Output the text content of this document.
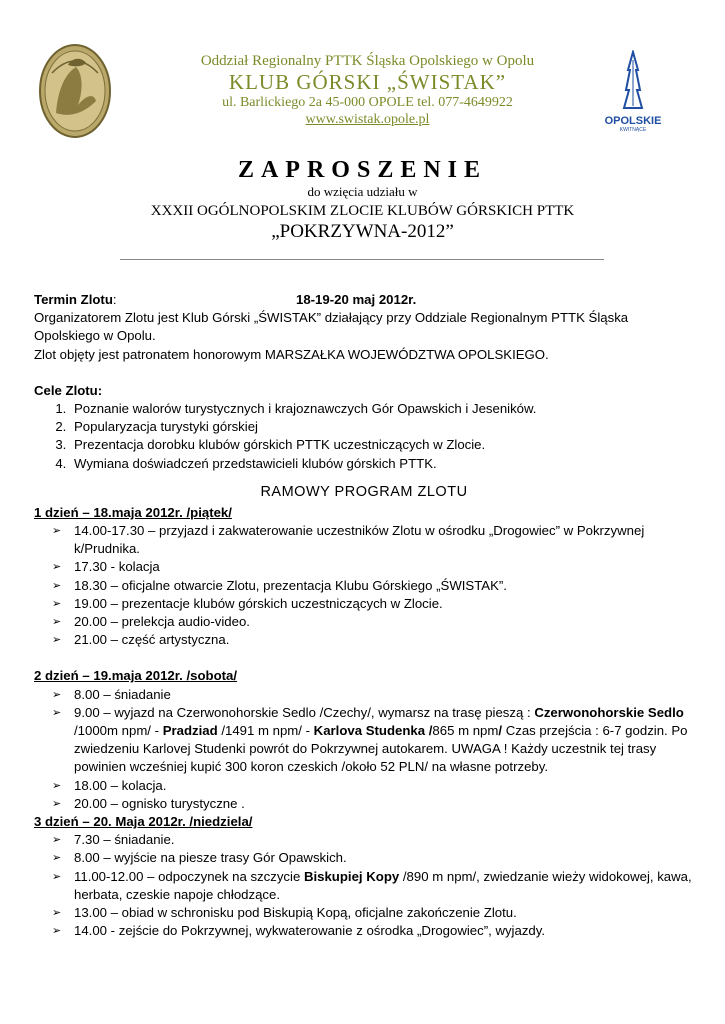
OPOLSKIE
KWITNĄCE
Oddział Regionalny PTTK Śląska Opolskiego w Opolu
KLUB GÓRSKI „ŚWISTAK”
ul. Barlickiego 2a 45-000 OPOLE tel. 077-4649922
www.swistak.opole.pl
ZAPROSZENIE
do wzięcia udziału w
XXXII OGÓLNOPOLSKIM ZLOCIE KLUBÓW GÓRSKICH PTTK
„POKRZYWNA-2012”
Termin Zlotu:	18-19-20 maj 2012r.

Organizatorem Zlotu jest Klub Górski „ŚWISTAK” działający przy Oddziale Regionalnym PTTK Śląska Opolskiego w Opolu.

Zlot objęty jest patronatem honorowym MARSZAŁKA WOJEWÓDZTWA OPOLSKIEGO.

Cele Zlotu:

1. Poznanie walorów turystycznych i krajoznawczych Gór Opawskich i Jeseników.
2. Popularyzacja turystyki górskiej
3. Prezentacja dorobku klubów górskich PTTK uczestniczących w Zlocie.
4. Wymiana doświadczeń przedstawicieli klubów górskich PTTK.
RAMOWY PROGRAM ZLOTU
1 dzień – 18.maja 2012r. /piątek/
➢ 14.00-17.30 – przyjazd i zakwaterowanie uczestników Zlotu w ośrodku „Drogowiec” w Pokrzywnej k/Prudnika.
➢ 17.30 - kolacja
➢ 18.30 – oficjalne otwarcie Zlotu, prezentacja Klubu Górskiego „ŚWISTAK”.
➢ 19.00 – prezentacje klubów górskich uczestniczących w Zlocie.
➢ 20.00 – prelekcja audio-video.
➢ 21.00 – część artystyczna.
2 dzień – 19.maja 2012r. /sobota/
➢ 8.00 – śniadanie
➢ 9.00 – wyjazd na Czerwonohorskie Sedlo /Czechy/, wymarsz na trasę pieszą : Czerwonohorskie Sedlo /1000m npm/ - Pradziad /1491 m npm/ - Karlova Studenka /865 m npm/ Czas przejścia : 6-7 godzin. Po zwiedzeniu Karlovej Studenki powrót do Pokrzywnej autokarem. UWAGA ! Każdy uczestnik tej trasy powinien wcześniej kupić 300 koron czeskich /około 52 PLN/ na własne potrzeby.
➢ 18.00 – kolacja.
➢ 20.00 – ognisko turystyczne .
3 dzień – 20. Maja 2012r. /niedziela/
➢ 7.30 – śniadanie.
➢ 8.00 – wyjście na piesze trasy Gór Opawskich.
➢ 11.00-12.00 – odpoczynek na szczycie Biskupiej Kopy /890 m npm/, zwiedzanie wieży widokowej, kawa, herbata, czeskie napoje chłodzące.
➢ 13.00 – obiad w schronisku pod Biskupią Kopą, oficjalne zakończenie Zlotu.
➢ 14.00 - zejście do Pokrzywnej, wykwaterowanie z ośrodka „Drogowiec”, wyjazdy.
